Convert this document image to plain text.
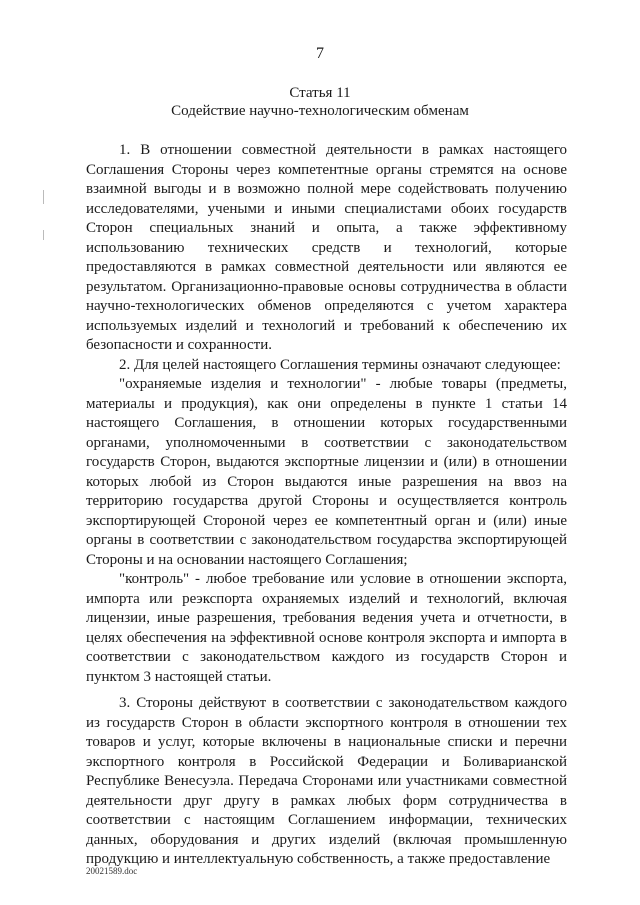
7
Статья 11
Содействие научно-технологическим обменам

1. В отношении совместной деятельности в рамках настоящего Соглашения Стороны через компетентные органы стремятся на основе взаимной выгоды и в возможно полной мере содействовать получению исследователями, учеными и иными специалистами обоих государств Сторон специальных знаний и опыта, а также эффективному использованию технических средств и технологий, которые предоставляются в рамках совместной деятельности или являются ее результатом. Организационно-правовые основы сотрудничества в области научно-технологических обменов определяются с учетом характера используемых изделий и технологий и требований к обеспечению их безопасности и сохранности.

2. Для целей настоящего Соглашения термины означают следующее:

"охраняемые изделия и технологии" - любые товары (предметы, материалы и продукция), как они определены в пункте 1 статьи 14 настоящего Соглашения, в отношении которых государственными органами, уполномоченными в соответствии с законодательством государств Сторон, выдаются экспортные лицензии и (или) в отношении которых любой из Сторон выдаются иные разрешения на ввоз на территорию государства другой Стороны и осуществляется контроль экспортирующей Стороной через ее компетентный орган и (или) иные органы в соответствии с законодательством государства экспортирующей Стороны и на основании настоящего Соглашения;

"контроль" - любое требование или условие в отношении экспорта, импорта или реэкспорта охраняемых изделий и технологий, включая лицензии, иные разрешения, требования ведения учета и отчетности, в целях обеспечения на эффективной основе контроля экспорта и импорта в соответствии с законодательством каждого из государств Сторон и пунктом 3 настоящей статьи.

3. Стороны действуют в соответствии с законодательством каждого из государств Сторон в области экспортного контроля в отношении тех товаров и услуг, которые включены в национальные списки и перечни экспортного контроля в Российской Федерации и Боливарианской Республике Венесуэла. Передача Сторонами или участниками совместной деятельности друг другу в рамках любых форм сотрудничества в соответствии с настоящим Соглашением информации, технических данных, оборудования и других изделий (включая промышленную продукцию и интеллектуальную собственность, а также предоставление

20021589.doc
